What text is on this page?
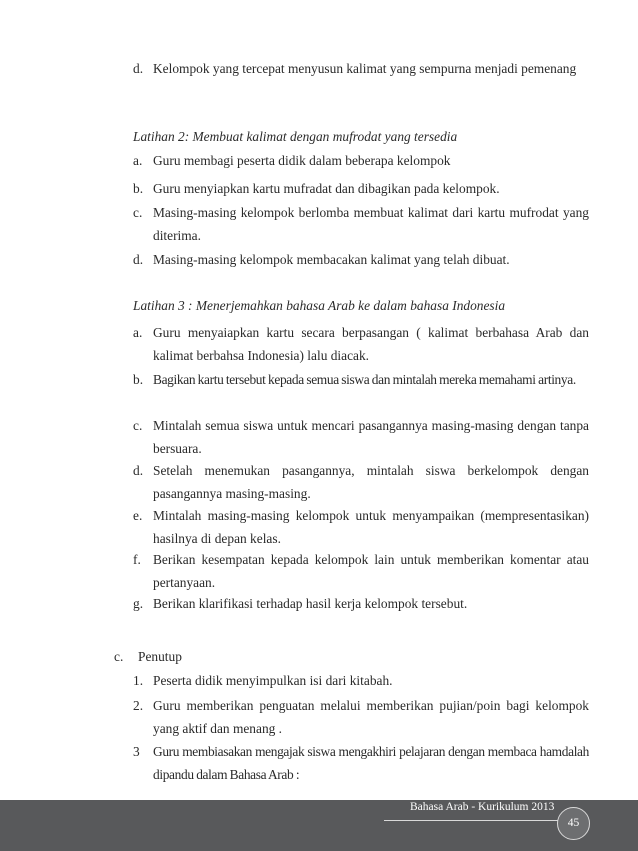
d. Kelompok yang tercepat menyusun kalimat yang sempurna menjadi pemenang
Latihan 2: Membuat kalimat dengan mufrodat yang tersedia
a. Guru membagi peserta didik dalam beberapa kelompok
b. Guru menyiapkan kartu mufradat dan dibagikan pada kelompok.
c. Masing-masing kelompok berlomba membuat kalimat dari kartu mufrodat yang diterima.
d. Masing-masing kelompok membacakan kalimat yang telah dibuat.
Latihan 3 : Menerjemahkan bahasa Arab ke dalam bahasa Indonesia
a. Guru menyaiapkan kartu secara berpasangan ( kalimat berbahasa Arab dan kalimat berbahsa Indonesia) lalu diacak.
b. Bagikan kartu tersebut kepada semua siswa dan mintalah mereka memahami artinya.
c. Mintalah semua siswa untuk mencari pasangannya masing-masing dengan tanpa bersuara.
d. Setelah menemukan pasangannya, mintalah siswa berkelompok dengan pasangannya masing-masing.
e. Mintalah masing-masing kelompok untuk menyampaikan (mempresentasikan) hasilnya di depan kelas.
f. Berikan kesempatan kepada kelompok lain untuk memberikan komentar atau pertanyaan.
g. Berikan klarifikasi terhadap hasil kerja kelompok tersebut.
c. Penutup
1. Peserta didik menyimpulkan isi dari kitabah.
2. Guru memberikan penguatan melalui memberikan pujian/poin bagi kelompok yang aktif dan menang .
3 Guru membiasakan mengajak siswa mengakhiri pelajaran dengan membaca hamdalah dipandu dalam Bahasa Arab :
Bahasa Arab - Kurikulum 2013
45
